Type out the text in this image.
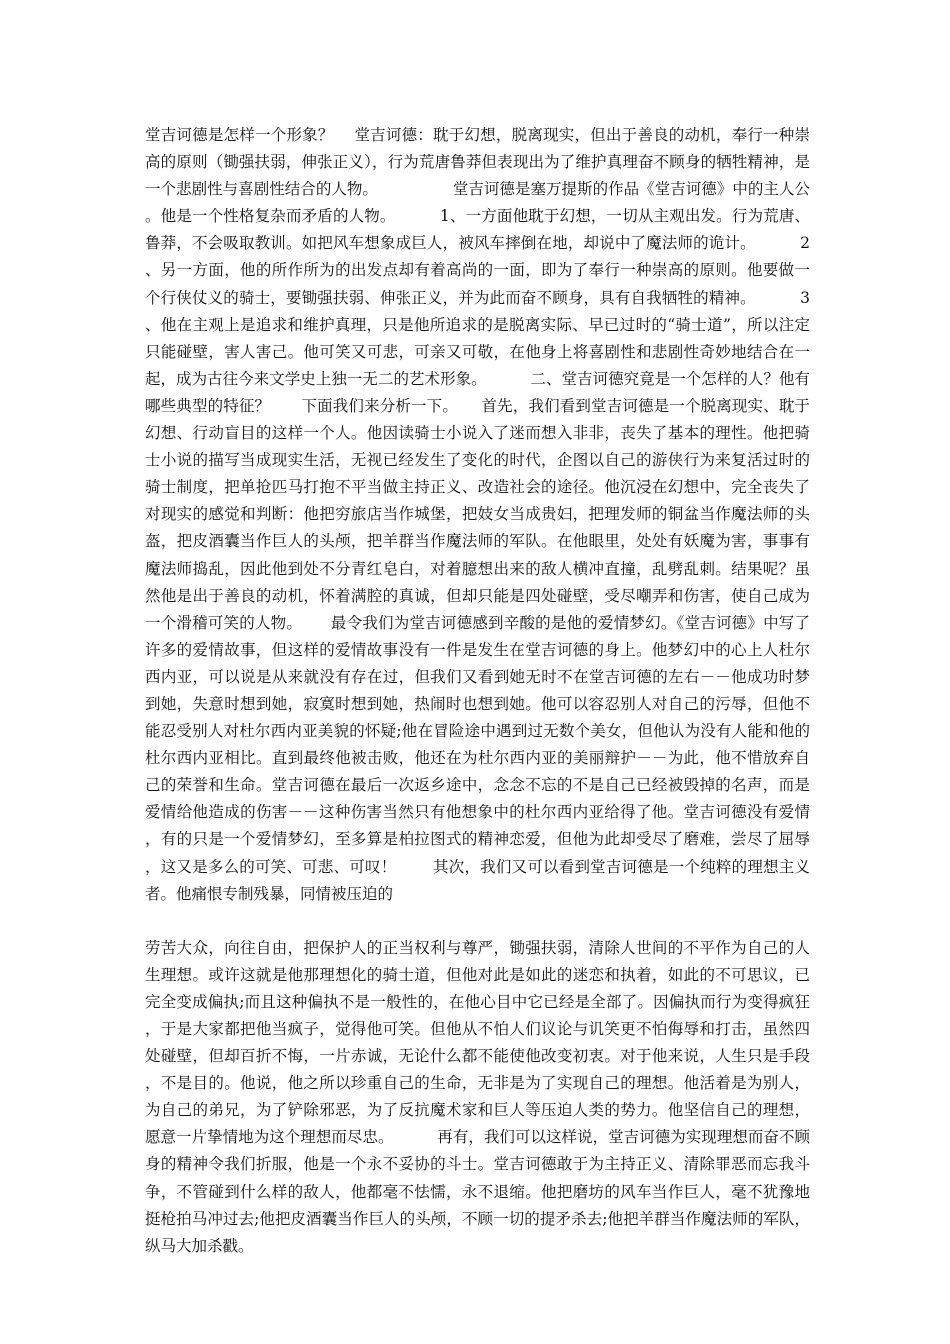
堂吉诃德是怎样一个形象？　 堂吉诃德：耽于幻想，脱离现实，但出于善良的动机，奉行一种崇高的原则（锄强扶弱，伸张正义），行为荒唐鲁莽但表现出为了维护真理奋不顾身的牺牲精神，是一个悲剧性与喜剧性结合的人物。　　　　　 堂吉诃德是塞万提斯的作品《堂吉诃德》中的主人公。他是一个性格复杂而矛盾的人物。　　　 1、一方面他耽于幻想，一切从主观出发。行为荒唐、鲁莽，不会吸取教训。如把风车想象成巨人，被风车摔倒在地，却说中了魔法师的诡计。　　　 2、另一方面，他的所作所为的出发点却有着高尚的一面，即为了奉行一种崇高的原则。他要做一个行侠仗义的骑士，要锄强扶弱、伸张正义，并为此而奋不顾身，具有自我牺牲的精神。　　　 3、他在主观上是追求和维护真理，只是他所追求的是脱离实际、早已过时的“骑士道”，所以注定只能碰壁，害人害己。他可笑又可悲，可亲又可敬，在他身上将喜剧性和悲剧性奇妙地结合在一起，成为古往今来文学史上独一无二的艺术形象。　　　 二、堂吉诃德究竟是一个怎样的人？他有哪些典型的特征？　　下面我们来分析一下。　　首先，我们看到堂吉诃德是一个脱离现实、耽于幻想、行动盲目的这样一个人。他因读骑士小说入了迷而想入非非，丧失了基本的理性。他把骑士小说的描写当成现实生活，无视已经发生了变化的时代，企图以自己的游侠行为来复活过时的骑士制度，把单抢匹马打抱不平当做主持正义、改造社会的途径。他沉浸在幻想中，完全丧失了对现实的感觉和判断：他把穷旅店当作城堡，把妓女当成贵妇，把理发师的铜盆当作魔法师的头盔，把皮酒囊当作巨人的头颅，把羊群当作魔法师的军队。在他眼里，处处有妖魔为害，事事有魔法师捣乱，因此他到处不分青红皂白，对着臆想出来的敌人横冲直撞，乱劈乱刺。结果呢？虽然他是出于善良的动机，怀着满腔的真诚，但却只能是四处碰壁，受尽嘲弄和伤害，使自己成为一个滑稽可笑的人物。　　 最令我们为堂吉诃德感到辛酸的是他的爱情梦幻。《堂吉诃德》中写了许多的爱情故事，但这样的爱情故事没有一件是发生在堂吉诃德的身上。他梦幻中的心上人杜尔西内亚，可以说是从来就没有存在过，但我们又看到她无时不在堂吉诃德的左右－－他成功时梦到她，失意时想到她，寂寞时想到她，热闹时也想到她。他可以容忍别人对自己的污辱，但他不能忍受别人对杜尔西内亚美貌的怀疑;他在冒险途中遇到过无数个美女，但他认为没有人能和他的杜尔西内亚相比。直到最终他被击败，他还在为杜尔西内亚的美丽辩护－－为此，他不惜放弃自己的荣誉和生命。堂吉诃德在最后一次返乡途中，念念不忘的不是自己已经被毁掉的名声，而是爱情给他造成的伤害－－这种伤害当然只有他想象中的杜尔西内亚给得了他。堂吉诃德没有爱情，有的只是一个爱情梦幻，至多算是柏拉图式的精神恋爱，但他为此却受尽了磨难，尝尽了屈辱，这又是多么的可笑、可悲、可叹！　　 其次，我们又可以看到堂吉诃德是一个纯粹的理想主义者。他痛恨专制残暴，同情被压迫的

劳苦大众，向往自由，把保护人的正当权利与尊严，锄强扶弱，清除人世间的不平作为自己的人生理想。或许这就是他那理想化的骑士道，但他对此是如此的迷恋和执着，如此的不可思议，已完全变成偏执;而且这种偏执不是一般性的，在他心目中它已经是全部了。因偏执而行为变得疯狂，于是大家都把他当疯子，觉得他可笑。但他从不怕人们议论与讥笑更不怕侮辱和打击，虽然四处碰壁，但却百折不悔，一片赤诚，无论什么都不能使他改变初衷。对于他来说，人生只是手段，不是目的。他说，他之所以珍重自己的生命，无非是为了实现自己的理想。他活着是为别人，为自己的弟兄，为了铲除邪恶，为了反抗魔术家和巨人等压迫人类的势力。他坚信自己的理想，愿意一片挚情地为这个理想而尽忠。　　　 再有，我们可以这样说，堂吉诃德为实现理想而奋不顾身的精神令我们折服，他是一个永不妥协的斗士。堂吉诃德敢于为主持正义、清除罪恶而忘我斗争，不管碰到什么样的敌人，他都毫不怯懦，永不退缩。他把磨坊的风车当作巨人，毫不犹豫地挺枪拍马冲过去;他把皮酒囊当作巨人的头颅，不顾一切的提矛杀去;他把羊群当作魔法师的军队，纵马大加杀戳。
